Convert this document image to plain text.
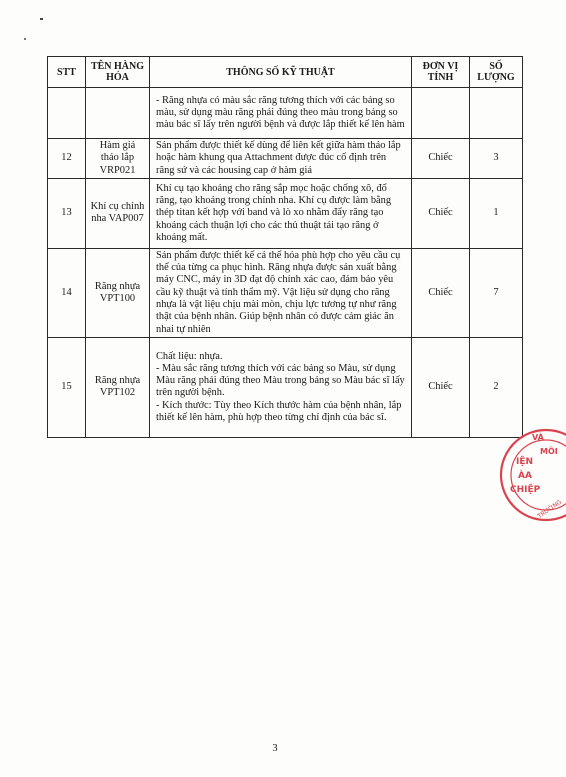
STT	TÊN HÀNG HÓA	THÔNG SỐ KỸ THUẬT	ĐƠN VỊ TÍNH	SỐ LƯỢNG

		- Răng nhựa có màu sắc răng tương thích với các bảng so màu, sử dụng màu răng phải đúng theo màu trong bảng so màu bác sĩ lấy trên người bệnh và được lắp thiết kế lên hàm		

12	Hàm giả tháo lắp VRP021	Sản phẩm được thiết kế dùng để liên kết giữa hàm tháo lắp hoặc hàm khung qua Attachment được đúc cố định trên răng sứ và các housing cap ở hàm giả	Chiếc	3
13	Khí cụ chỉnh nha VAP007	Khí cụ tạo khoảng cho răng sắp mọc hoặc chống xô, đổ răng, tạo khoảng trong chỉnh nha. Khí cụ được làm bằng thép titan kết hợp với band và lò xo nhằm đẩy răng tạo khoảng cách thuận lợi cho các thủ thuật tái tạo răng ở khoảng mất.	Chiếc	1
14	Răng nhựa VPT100	Sản phẩm được thiết kế cá thể hóa phù hợp cho yêu cầu cụ thể của từng ca phục hình. Răng nhựa được sản xuất bằng máy CNC, máy in 3D đạt độ chính xác cao, đảm bảo yêu cầu kỹ thuật và tính thẩm mỹ. Vật liệu sử dụng cho răng nhựa là vật liệu chịu mài mòn, chịu lực tương tự như răng thật của bệnh nhân. Giúp bệnh nhân có được cảm giác ăn nhai tự nhiên	Chiếc	7
15	Răng nhựa VPT102	Chất liệu: nhựa.

- Màu sắc răng tương thích với các bảng so Màu, sử dụng Màu răng phải đúng theo Màu trong bảng so Màu bác sĩ lấy trên người bệnh.

- Kích thước: Tùy theo Kích thước hàm của bệnh nhân, lắp thiết kế lên hàm, phù hợp theo từng chỉ định của bác sĩ.	Chiếc	2
VÀ
MÔI
IỆN
ÀA
CHIỆP
TRƯỜNG
3
